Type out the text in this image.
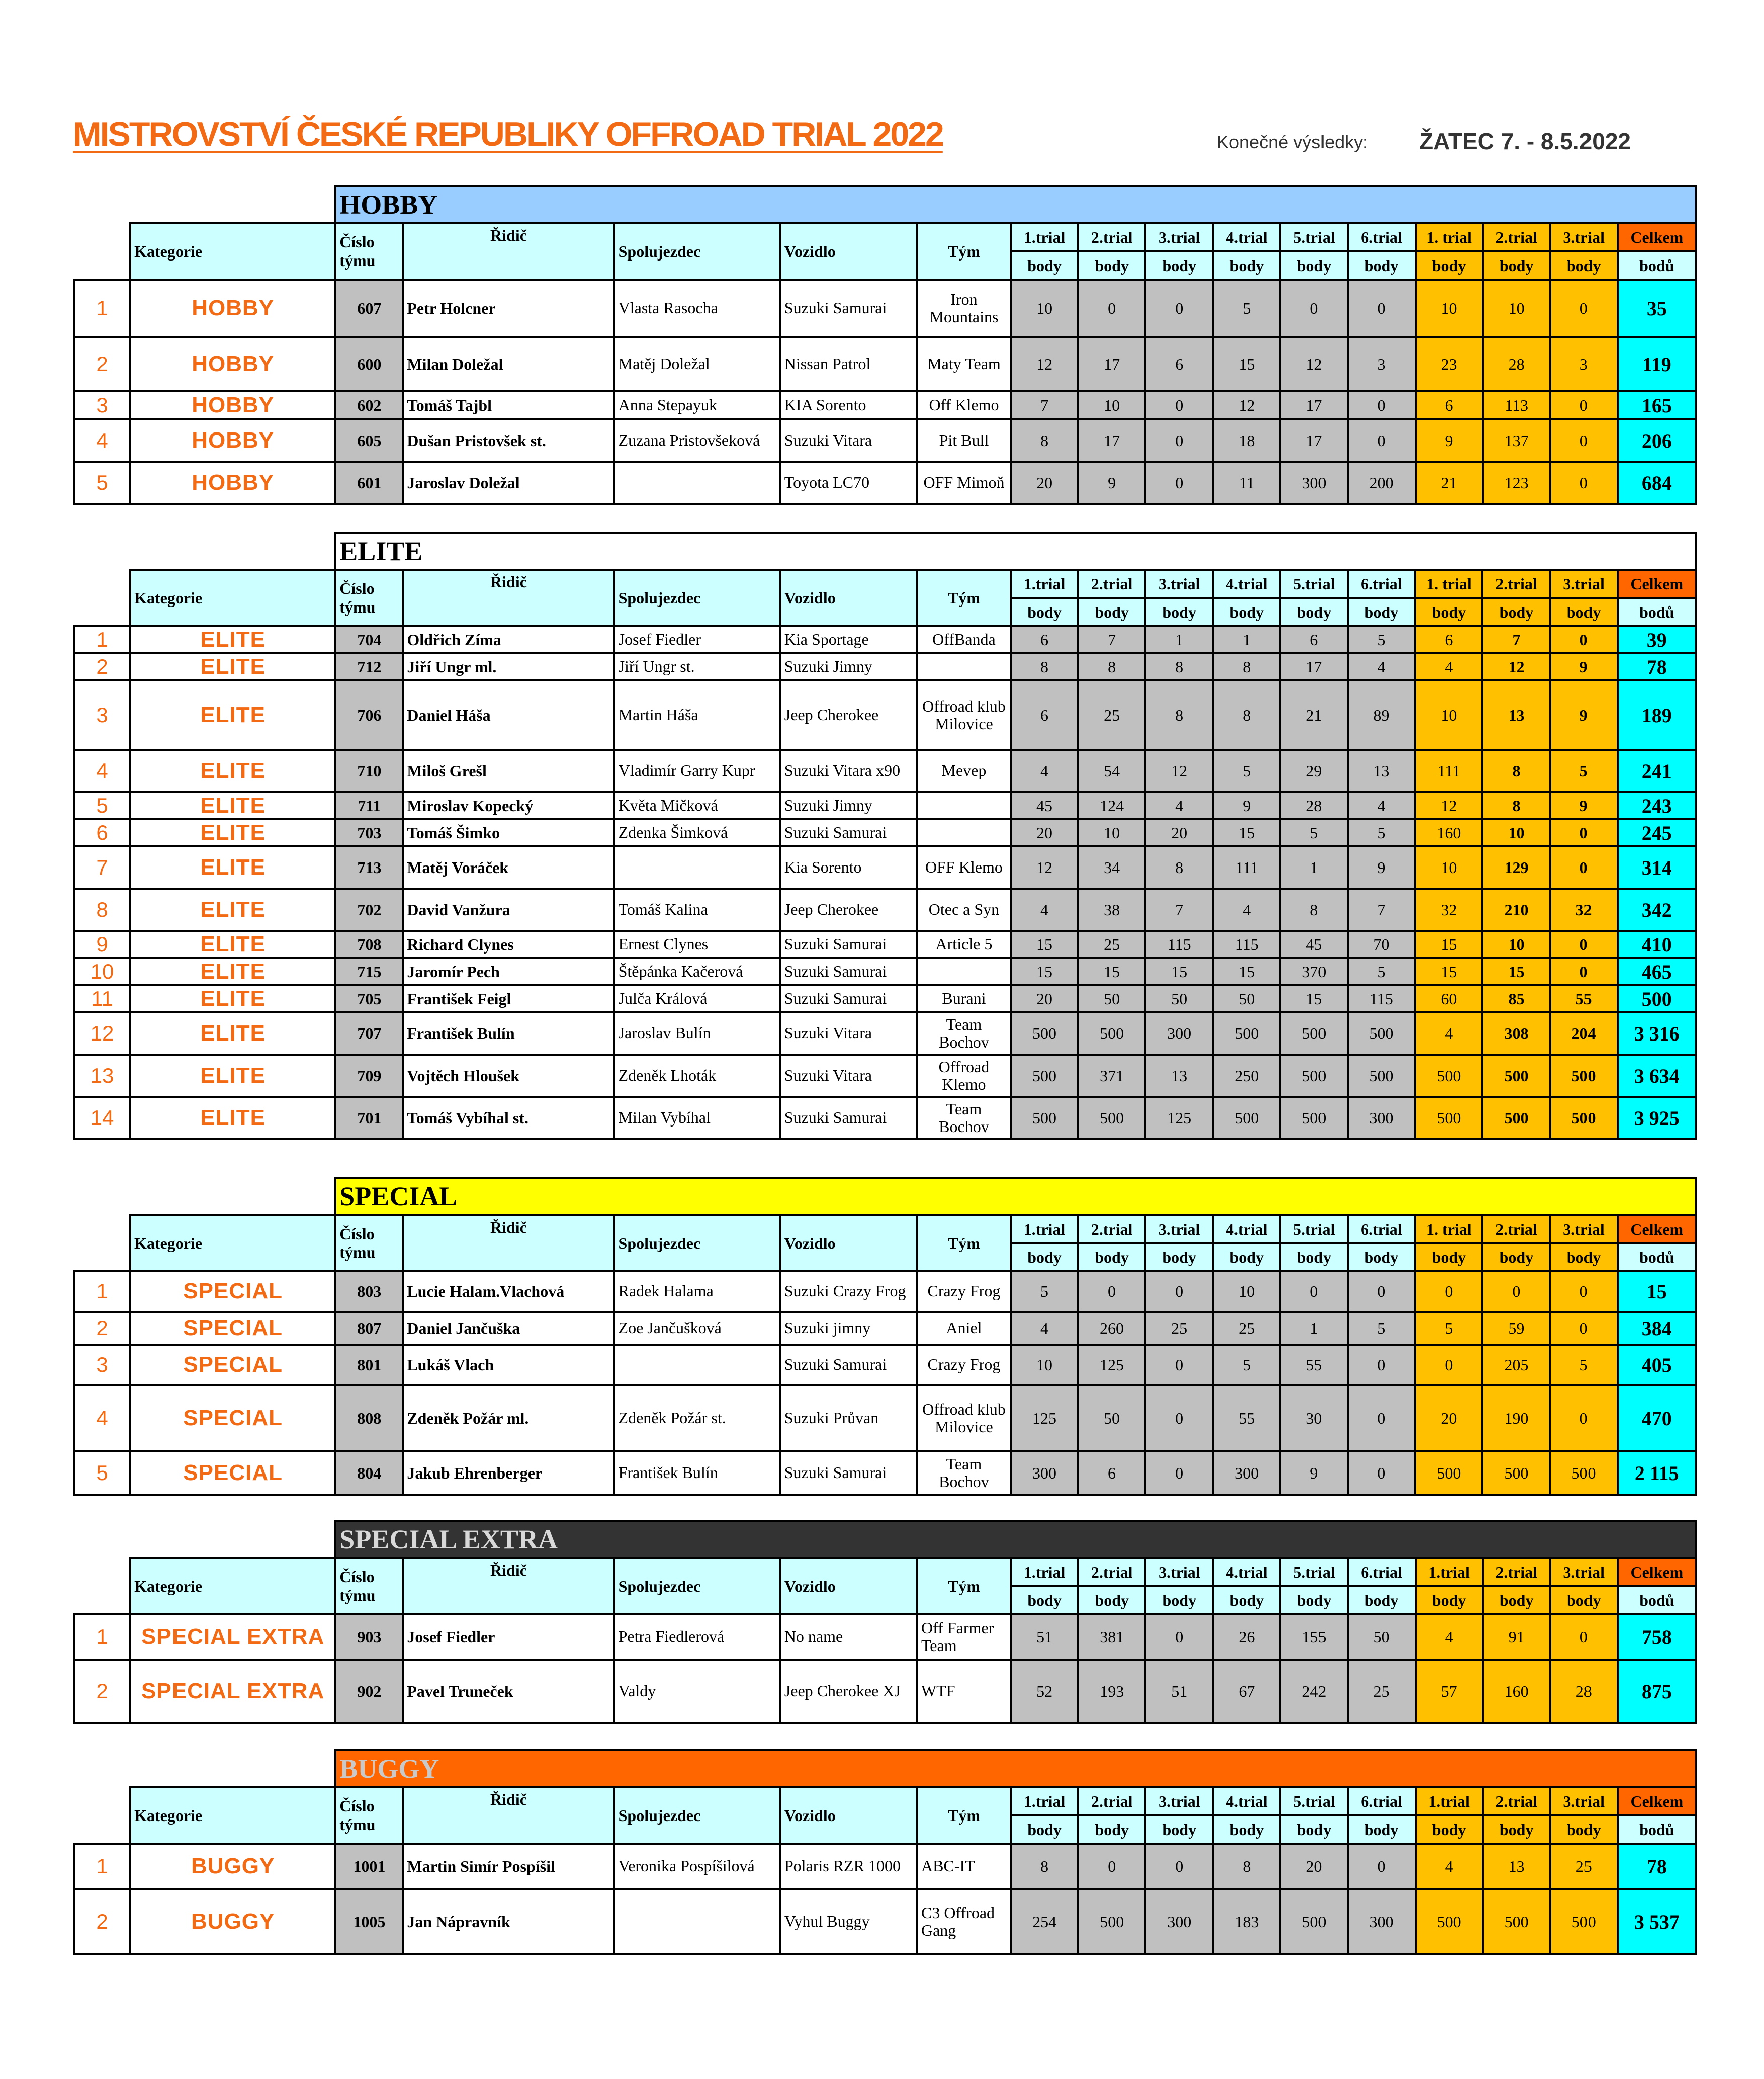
MISTROVSTVÍ ČESKÉ REPUBLIKY OFFROAD TRIAL 2022	Konečné výsledky: ŽATEC 7. - 8.5.2022
		HOBBY														
	Kategorie	Číslo týmu	Řidič	Spolujezdec	Vozidlo	Tým	1.trial	2.trial	3.trial	4.trial	5.trial	6.trial	1. trial	2.trial	3.trial	Celkem
							body	body	body	body	body	body	body	body	body	bodů
1	HOBBY	607	Petr Holcner	Vlasta Rasocha	Suzuki Samurai	Iron Mountains	10	0	0	5	0	0	10	10	0	35
2	HOBBY	600	Milan Doležal	Matěj Doležal	Nissan Patrol	Maty Team	12	17	6	15	12	3	23	28	3	119
3	HOBBY	602	Tomáš Tajbl	Anna Stepayuk	KIA Sorento	Off Klemo	7	10	0	12	17	0	6	113	0	165
4	HOBBY	605	Dušan Pristovšek st.	Zuzana Pristovšeková	Suzuki Vitara	Pit Bull	8	17	0	18	17	0	9	137	0	206
5	HOBBY	601	Jaroslav Doležal		Toyota LC70	OFF Mimoň	20	9	0	11	300	200	21	123	0	684
		ELITE														
	Kategorie	Číslo týmu	Řidič	Spolujezdec	Vozidlo	Tým	1.trial	2.trial	3.trial	4.trial	5.trial	6.trial	1. trial	2.trial	3.trial	Celkem
							body	body	body	body	body	body	body	body	body	bodů
1	ELITE	704	Oldřich Zíma	Josef Fiedler	Kia Sportage	OffBanda	6	7	1	1	6	5	6	7	0	39
2	ELITE	712	Jiří Ungr ml.	Jiří Ungr st.	Suzuki Jimny		8	8	8	8	17	4	4	12	9	78
3	ELITE	706	Daniel Háša	Martin Háša	Jeep Cherokee	Offroad klub Milovice	6	25	8	8	21	89	10	13	9	189
4	ELITE	710	Miloš Grešl	Vladimír Garry Kupr	Suzuki Vitara x90	Mevep	4	54	12	5	29	13	111	8	5	241
5	ELITE	711	Miroslav Kopecký	Květa Mičková	Suzuki Jimny		45	124	4	9	28	4	12	8	9	243
6	ELITE	703	Tomáš Šimko	Zdenka Šimková	Suzuki Samurai		20	10	20	15	5	5	160	10	0	245
7	ELITE	713	Matěj Voráček		Kia Sorento	OFF Klemo	12	34	8	111	1	9	10	129	0	314
8	ELITE	702	David Vanžura	Tomáš Kalina	Jeep Cherokee	Otec a Syn	4	38	7	4	8	7	32	210	32	342
9	ELITE	708	Richard Clynes	Ernest Clynes	Suzuki Samurai	Article 5	15	25	115	115	45	70	15	10	0	410
10	ELITE	715	Jaromír Pech	Štěpánka Kačerová	Suzuki Samurai		15	15	15	15	370	5	15	15	0	465
11	ELITE	705	František Feigl	Julča Králová	Suzuki Samurai	Burani	20	50	50	50	15	115	60	85	55	500
12	ELITE	707	František Bulín	Jaroslav Bulín	Suzuki Vitara	Team Bochov	500	500	300	500	500	500	4	308	204	3 316
13	ELITE	709	Vojtěch Hloušek	Zdeněk Lhoták	Suzuki Vitara	Offroad Klemo	500	371	13	250	500	500	500	500	500	3 634
14	ELITE	701	Tomáš Vybíhal st.	Milan Vybíhal	Suzuki Samurai	Team Bochov	500	500	125	500	500	300	500	500	500	3 925
		SPECIAL														
	Kategorie	Číslo týmu	Řidič	Spolujezdec	Vozidlo	Tým	1.trial	2.trial	3.trial	4.trial	5.trial	6.trial	1. trial	2.trial	3.trial	Celkem
							body	body	body	body	body	body	body	body	body	bodů
1	SPECIAL	803	Lucie Halam.Vlachová	Radek Halama	Suzuki Crazy Frog	Crazy Frog	5	0	0	10	0	0	0	0	0	15
2	SPECIAL	807	Daniel Jančuška	Zoe Jančušková	Suzuki jimny	Aniel	4	260	25	25	1	5	5	59	0	384
3	SPECIAL	801	Lukáš Vlach		Suzuki Samurai	Crazy Frog	10	125	0	5	55	0	0	205	5	405
4	SPECIAL	808	Zdeněk Požár ml.	Zdeněk Požár st.	Suzuki Průvan	Offroad klub Milovice	125	50	0	55	30	0	20	190	0	470
5	SPECIAL	804	Jakub Ehrenberger	František Bulín	Suzuki Samurai	Team Bochov	300	6	0	300	9	0	500	500	500	2 115
		SPECIAL EXTRA														
	Kategorie	Číslo týmu	Řidič	Spolujezdec	Vozidlo	Tým	1.trial	2.trial	3.trial	4.trial	5.trial	6.trial	1.trial	2.trial	3.trial	Celkem
							body	body	body	body	body	body	body	body	body	bodů
1	SPECIAL EXTRA	903	Josef Fiedler	Petra Fiedlerová	No name	Off Farmer Team	51	381	0	26	155	50	4	91	0	758
2	SPECIAL EXTRA	902	Pavel Truneček	Valdy	Jeep Cherokee XJ	WTF	52	193	51	67	242	25	57	160	28	875
		BUGGY														
	Kategorie	Číslo týmu	Řidič	Spolujezdec	Vozidlo	Tým	1.trial	2.trial	3.trial	4.trial	5.trial	6.trial	1.trial	2.trial	3.trial	Celkem
							body	body	body	body	body	body	body	body	body	bodů
1	BUGGY	1001	Martin Simír Pospíšil	Veronika Pospíšilová	Polaris RZR 1000	ABC-IT	8	0	0	8	20	0	4	13	25	78
2	BUGGY	1005	Jan Nápravník		Vyhul Buggy	C3 Offroad Gang	254	500	300	183	500	300	500	500	500	3 537
